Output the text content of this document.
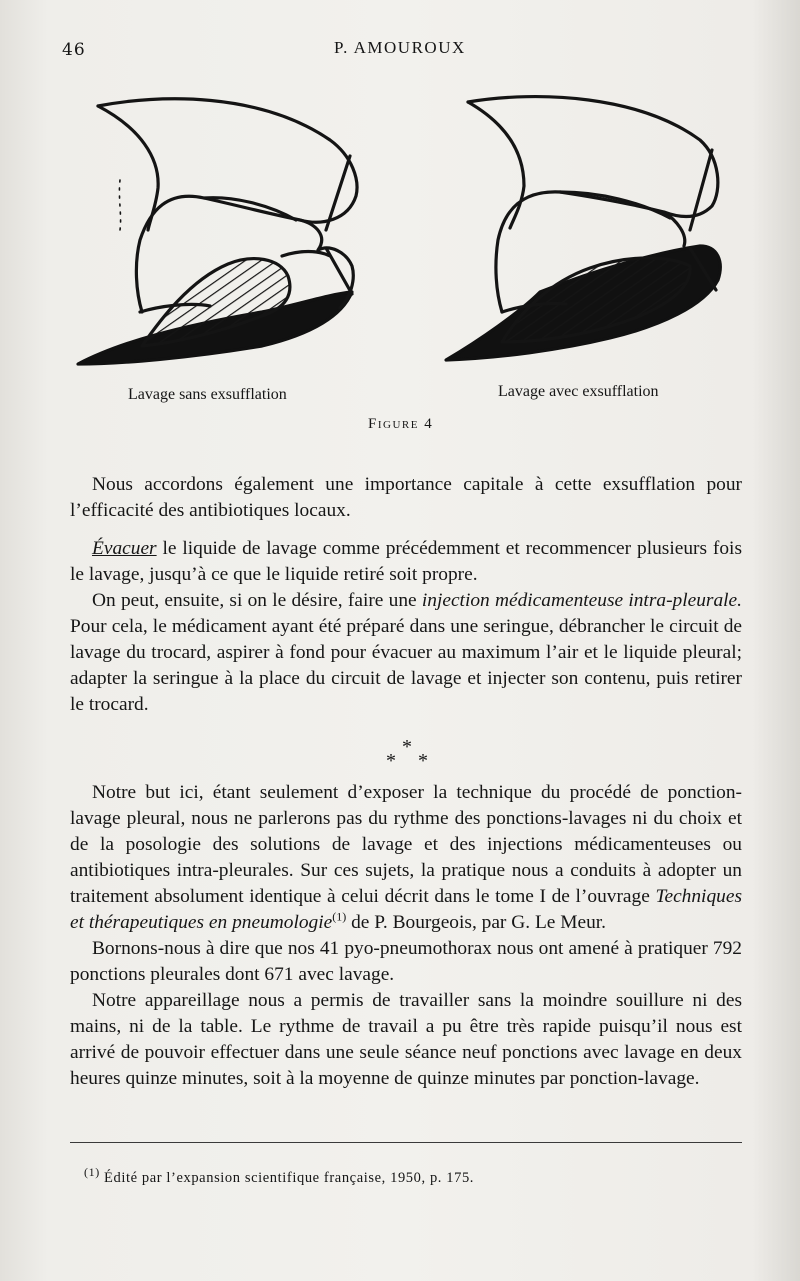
46	P. AMOUROUX
Lavage sans exsufflation	Lavage avec exsufflation
Figure 4

Nous accordons également une importance capitale à cette exsufflation pour l’efficacité des antibiotiques locaux.

Évacuer le liquide de lavage comme précédemment et recommencer plusieurs fois le lavage, jusqu’à ce que le liquide retiré soit propre.

On peut, ensuite, si on le désire, faire une injection médicamenteuse intra-pleurale. Pour cela, le médicament ayant été préparé dans une seringue, débrancher le circuit de lavage du trocard, aspirer à fond pour évacuer au maximum l’air et le liquide pleural; adapter la seringue à la place du circuit de lavage et injecter son contenu, puis retirer le trocard.

*
* *

Notre but ici, étant seulement d’exposer la technique du procédé de ponction-lavage pleural, nous ne parlerons pas du rythme des ponctions-lavages ni du choix et de la posologie des solutions de lavage et des injections médicamenteuses ou antibiotiques intra-pleurales. Sur ces sujets, la pratique nous a conduits à adopter un traitement absolument identique à celui décrit dans le tome I de l’ouvrage Techniques et thérapeutiques en pneumologie$^{(1)}$ de P. Bourgeois, par G. Le Meur.

Bornons-nous à dire que nos 41 pyo-pneumothorax nous ont amené à pratiquer 792 ponctions pleurales dont 671 avec lavage.

Notre appareillage nous a permis de travailler sans la moindre souillure ni des mains, ni de la table. Le rythme de travail a pu être très rapide puisqu’il nous est arrivé de pouvoir effectuer dans une seule séance neuf ponctions avec lavage en deux heures quinze minutes, soit à la moyenne de quinze minutes par ponction-lavage.

$^{(1)}$ Édité par l’expansion scientifique française, 1950, p. 175.
